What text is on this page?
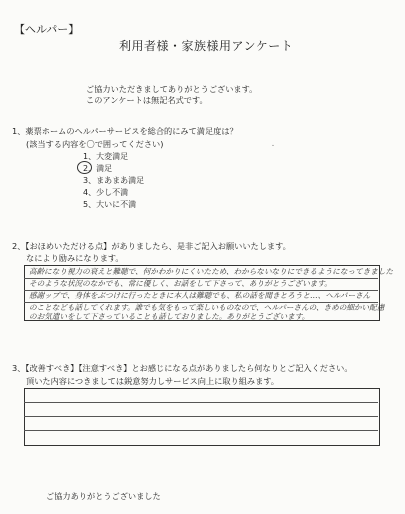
【ヘルパー】
利用者様・家族様用アンケート
ご協力いただきましてありがとうございます。
このアンケートは無記名式です。
1、薬票ホームのヘルパーサービスを総合的にみて満足度は？
(該当する内容を〇で囲ってください)	・
1、大変満足
2、満足
3、まあまあ満足
4、少し不満
5、大いに不満
2、【おほめいただける点】がありましたら、是非ご記入お願いいたします。
なにより励みになります。
高齢になり視力の衰えと難聴で、何かわかりにくいたため、わからないなりにできるようになってきました
そのような状況のなかでも、常に優しく、お話をして下さって、ありがとうございます。
感謝ップで、身体をぶつけに行ったときに本人は難聴でも、私の話を聞きとろうと…、ヘルパーさん
のことなども話してくれます。誰でも気をもって楽しいものなので、ヘルパーさんの、きめの細かい配慮
のお気遣いをして下さっていることも話しておりました。ありがとうございます。
3、【改善すべき】【注意すべき】とお感じになる点がありましたら何なりとご記入ください。
頂いた内容につきましては鋭意努力しサービス向上に取り組みます。
ご協力ありがとうございました
